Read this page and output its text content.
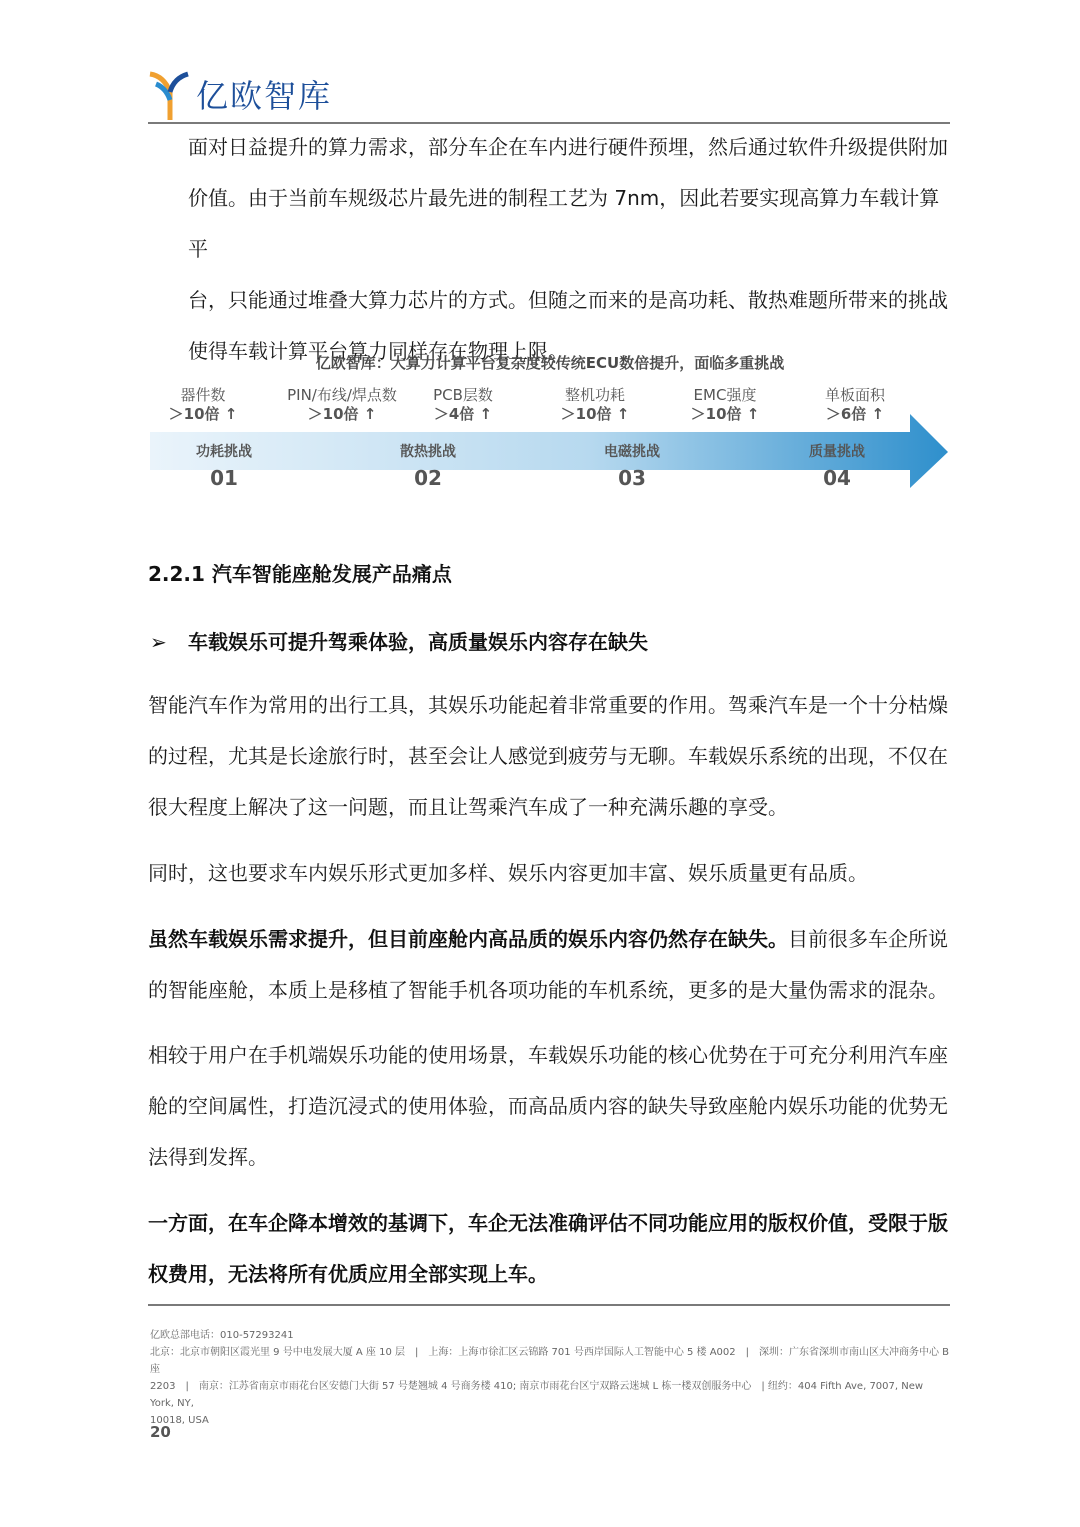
亿欧智库
面对日益提升的算力需求，部分车企在车内进行硬件预埋，然后通过软件升级提供附加
价值。由于当前车规级芯片最先进的制程工艺为 7nm，因此若要实现高算力车载计算平
台，只能通过堆叠大算力芯片的方式。但随之而来的是高功耗、散热难题所带来的挑战
使得车载计算平台算力同样存在物理上限。
亿欧智库：大算力计算平台复杂度较传统ECU数倍提升，面临多重挑战
器件数
＞10倍 ↑
PIN/布线/焊点数
＞10倍 ↑
PCB层数
＞4倍 ↑
整机功耗
＞10倍 ↑
EMC强度
＞10倍 ↑
单板面积
＞6倍 ↑
功耗挑战
01
散热挑战
02
电磁挑战
03
质量挑战
04
2.2.1 汽车智能座舱发展产品痛点
➢ 车载娱乐可提升驾乘体验，高质量娱乐内容存在缺失
智能汽车作为常用的出行工具，其娱乐功能起着非常重要的作用。驾乘汽车是一个十分枯燥
的过程，尤其是长途旅行时，甚至会让人感觉到疲劳与无聊。车载娱乐系统的出现，不仅在
很大程度上解决了这一问题，而且让驾乘汽车成了一种充满乐趣的享受。
同时，这也要求车内娱乐形式更加多样、娱乐内容更加丰富、娱乐质量更有品质。
虽然车载娱乐需求提升，但目前座舱内高品质的娱乐内容仍然存在缺失。目前很多车企所说
的智能座舱，本质上是移植了智能手机各项功能的车机系统，更多的是大量伪需求的混杂。
相较于用户在手机端娱乐功能的使用场景，车载娱乐功能的核心优势在于可充分利用汽车座
舱的空间属性，打造沉浸式的使用体验，而高品质内容的缺失导致座舱内娱乐功能的优势无
法得到发挥。
一方面，在车企降本增效的基调下，车企无法准确评估不同功能应用的版权价值，受限于版
权费用，无法将所有优质应用全部实现上车。
亿欧总部电话：010-57293241
北京：北京市朝阳区霞光里 9 号中电发展大厦 A 座 10 层　|　上海：上海市徐汇区云锦路 701 号西岸国际人工智能中心 5 楼 A002　|　深圳：广东省深圳市南山区大冲商务中心 B 座
2203　|　南京：江苏省南京市雨花台区安德门大街 57 号楚翘城 4 号商务楼 410; 南京市雨花台区宁双路云迷城 L 栋一楼双创服务中心　| 纽约：404 Fifth Ave, 7007, New York, NY,
10018, USA
20
